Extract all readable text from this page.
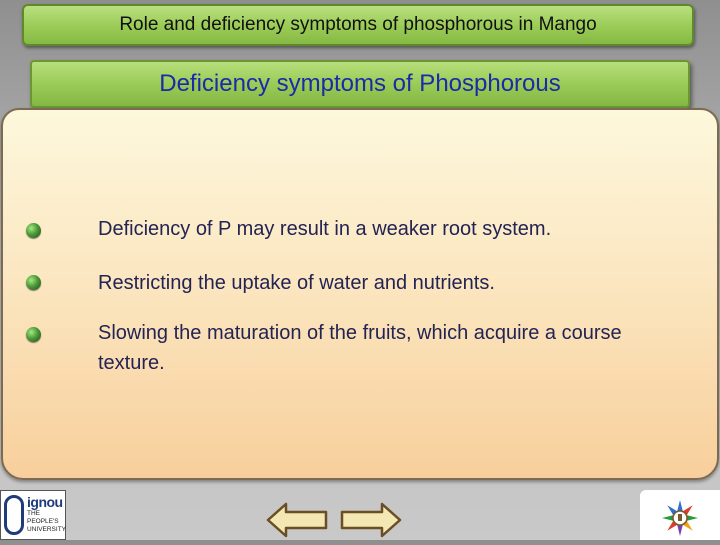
Role and deficiency symptoms of phosphorous in Mango
Deficiency symptoms of Phosphorous
Deficiency of P may result in a weaker root system.
Restricting the uptake of water and nutrients.
Slowing the maturation of the fruits, which acquire a course texture.
ignou
THE PEOPLE'S UNIVERSITY
